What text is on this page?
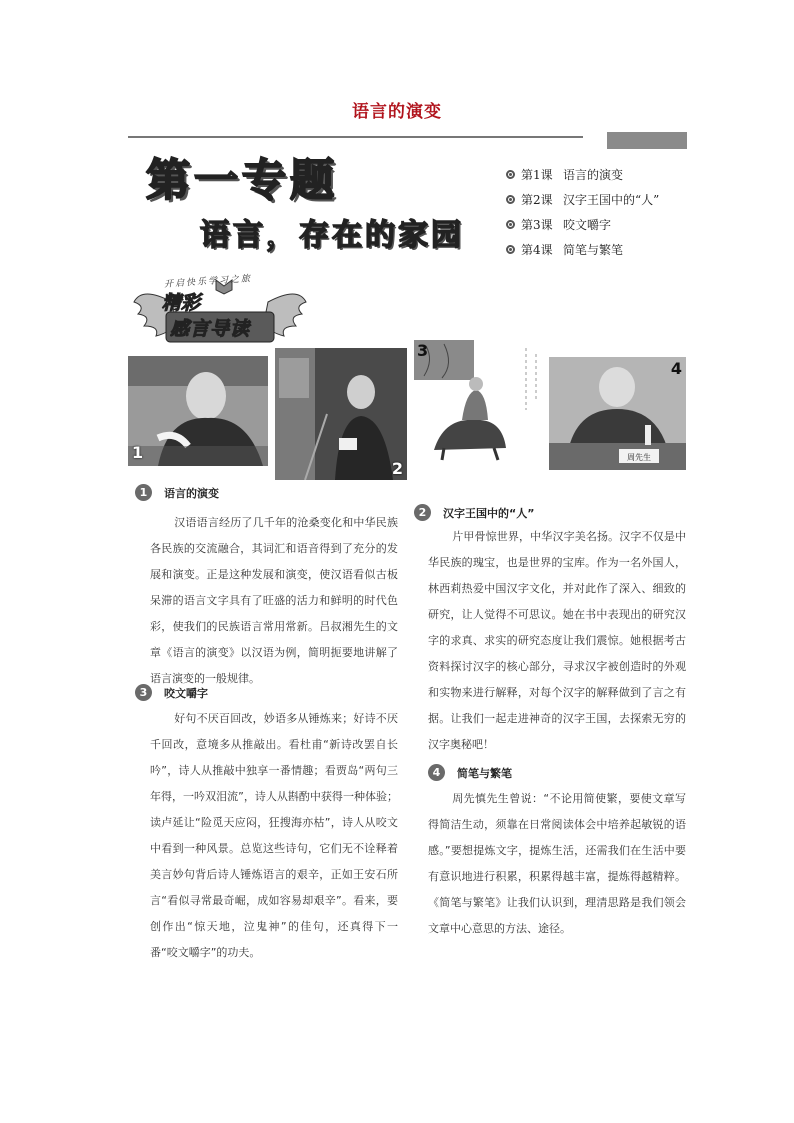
语言的演变
第一专题
语言，存在的家园
第1课 语言的演变
第2课 汉字王国中的“人”
第3课 咬文嚼字
第4课 简笔与繁笔
开启快乐学习之旅
精彩
感言导读
1
2
3
周先生
4
1	语言的演变

汉语语言经历了几千年的沧桑变化和中华民族各民族的交流融合，其词汇和语音得到了充分的发展和演变。正是这种发展和演变，使汉语看似古板呆滞的语言文字具有了旺盛的活力和鲜明的时代色彩，使我们的民族语言常用常新。吕叔湘先生的文章《语言的演变》以汉语为例，简明扼要地讲解了语言演变的一般规律。

2	汉字王国中的“人”

片甲骨惊世界，中华汉字美名扬。汉字不仅是中华民族的瑰宝，也是世界的宝库。作为一名外国人，林西莉热爱中国汉字文化，并对此作了深入、细致的研究，让人觉得不可思议。她在书中表现出的研究汉字的求真、求实的研究态度让我们震惊。她根据考古资料探讨汉字的核心部分，寻求汉字被创造时的外观和实物来进行解释，对每个汉字的解释做到了言之有据。让我们一起走进神奇的汉字王国，去探索无穷的汉字奥秘吧！

3	咬文嚼字

好句不厌百回改，妙语多从锤炼来；好诗不厌千回改，意境多从推敲出。看杜甫“新诗改罢自长吟”，诗人从推敲中独享一番情趣；看贾岛“两句三年得，一吟双泪流”，诗人从斟酌中获得一种体验；读卢延让“险觅天应闷，狂搜海亦枯”，诗人从咬文中看到一种风景。总览这些诗句，它们无不诠释着美言妙句背后诗人锤炼语言的艰辛，正如王安石所言“看似寻常最奇崛，成如容易却艰辛”。看来，要创作出“惊天地，泣鬼神”的佳句，还真得下一番“咬文嚼字”的功夫。

4	简笔与繁笔

周先慎先生曾说：“不论用简使繁，要使文章写得简洁生动，须靠在日常阅读体会中培养起敏锐的语感。”要想提炼文字，提炼生活，还需我们在生活中要有意识地进行积累，积累得越丰富，提炼得越精粹。《简笔与繁笔》让我们认识到，理清思路是我们领会文章中心意思的方法、途径。
